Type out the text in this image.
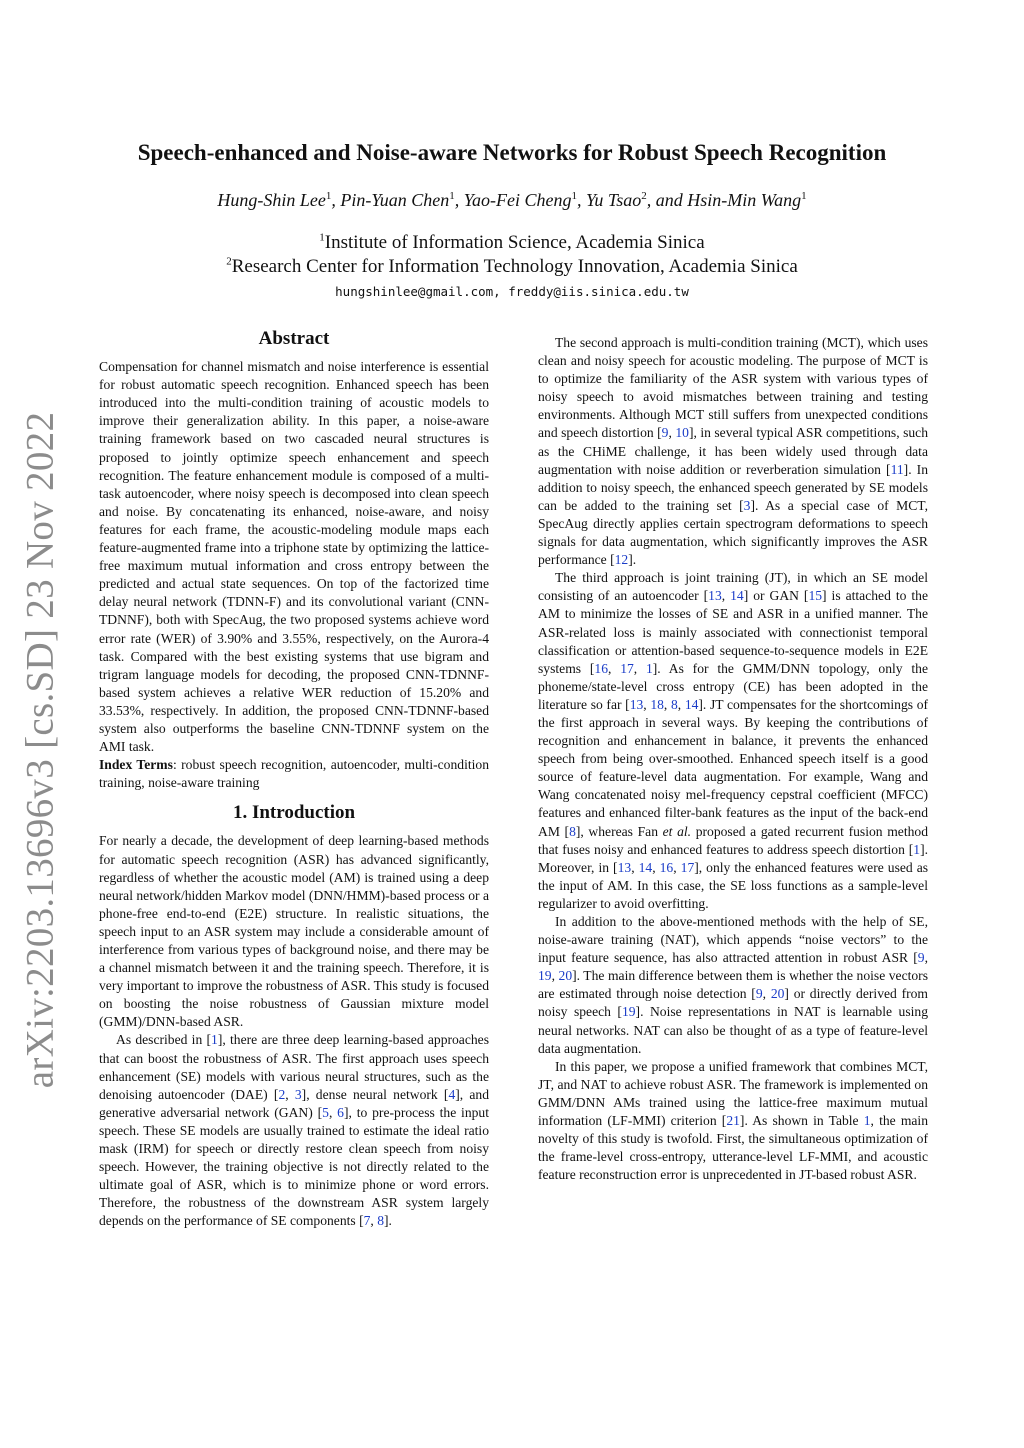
arXiv:2203.13696v3 [cs.SD] 23 Nov 2022
Speech-enhanced and Noise-aware Networks for Robust Speech Recognition
Hung-Shin Lee$^1$, Pin-Yuan Chen$^1$, Yao-Fei Cheng$^1$, Yu Tsao$^2$, and Hsin-Min Wang$^1$
$^1$Institute of Information Science, Academia Sinica
$^2$Research Center for Information Technology Innovation, Academia Sinica
hungshinlee@gmail.com, freddy@iis.sinica.edu.tw
Abstract

Compensation for channel mismatch and noise interference is essential for robust automatic speech recognition. Enhanced speech has been introduced into the multi-condition training of acoustic models to improve their generalization ability. In this paper, a noise-aware training framework based on two cascaded neural structures is proposed to jointly optimize speech enhancement and speech recognition. The feature enhancement module is composed of a multi-task autoencoder, where noisy speech is decomposed into clean speech and noise. By concatenating its enhanced, noise-aware, and noisy features for each frame, the acoustic-modeling module maps each feature-augmented frame into a triphone state by optimizing the lattice-free maximum mutual information and cross entropy between the predicted and actual state sequences. On top of the factorized time delay neural network (TDNN-F) and its convolutional variant (CNN-TDNNF), both with SpecAug, the two proposed systems achieve word error rate (WER) of 3.90% and 3.55%, respectively, on the Aurora-4 task. Compared with the best existing systems that use bigram and trigram language models for decoding, the proposed CNN-TDNNF-based system achieves a relative WER reduction of 15.20% and 33.53%, respectively. In addition, the proposed CNN-TDNNF-based system also outperforms the baseline CNN-TDNNF system on the AMI task.

Index Terms: robust speech recognition, autoencoder, multi-condition training, noise-aware training

1. Introduction

For nearly a decade, the development of deep learning-based methods for automatic speech recognition (ASR) has advanced significantly, regardless of whether the acoustic model (AM) is trained using a deep neural network/hidden Markov model (DNN/HMM)-based process or a phone-free end-to-end (E2E) structure. In realistic situations, the speech input to an ASR system may include a considerable amount of interference from various types of background noise, and there may be a channel mismatch between it and the training speech. Therefore, it is very important to improve the robustness of ASR. This study is focused on boosting the noise robustness of Gaussian mixture model (GMM)/DNN-based ASR.

As described in [1], there are three deep learning-based approaches that can boost the robustness of ASR. The first approach uses speech enhancement (SE) models with various neural structures, such as the denoising autoencoder (DAE) [2, 3], dense neural network [4], and generative adversarial network (GAN) [5, 6], to pre-process the input speech. These SE models are usually trained to estimate the ideal ratio mask (IRM) for speech or directly restore clean speech from noisy speech. However, the training objective is not directly related to the ultimate goal of ASR, which is to minimize phone or word errors. Therefore, the robustness of the downstream ASR system largely depends on the performance of SE components [7, 8].

The second approach is multi-condition training (MCT), which uses clean and noisy speech for acoustic modeling. The purpose of MCT is to optimize the familiarity of the ASR system with various types of noisy speech to avoid mismatches between training and testing environments. Although MCT still suffers from unexpected conditions and speech distortion [9, 10], in several typical ASR competitions, such as the CHiME challenge, it has been widely used through data augmentation with noise addition or reverberation simulation [11]. In addition to noisy speech, the enhanced speech generated by SE models can be added to the training set [3]. As a special case of MCT, SpecAug directly applies certain spectrogram deformations to speech signals for data augmentation, which significantly improves the ASR performance [12].

The third approach is joint training (JT), in which an SE model consisting of an autoencoder [13, 14] or GAN [15] is attached to the AM to minimize the losses of SE and ASR in a unified manner. The ASR-related loss is mainly associated with connectionist temporal classification or attention-based sequence-to-sequence models in E2E systems [16, 17, 1]. As for the GMM/DNN topology, only the phoneme/state-level cross entropy (CE) has been adopted in the literature so far [13, 18, 8, 14]. JT compensates for the shortcomings of the first approach in several ways. By keeping the contributions of recognition and enhancement in balance, it prevents the enhanced speech from being over-smoothed. Enhanced speech itself is a good source of feature-level data augmentation. For example, Wang and Wang concatenated noisy mel-frequency cepstral coefficient (MFCC) features and enhanced filter-bank features as the input of the back-end AM [8], whereas Fan et al. proposed a gated recurrent fusion method that fuses noisy and enhanced features to address speech distortion [1]. Moreover, in [13, 14, 16, 17], only the enhanced features were used as the input of AM. In this case, the SE loss functions as a sample-level regularizer to avoid overfitting.

In addition to the above-mentioned methods with the help of SE, noise-aware training (NAT), which appends “noise vectors” to the input feature sequence, has also attracted attention in robust ASR [9, 19, 20]. The main difference between them is whether the noise vectors are estimated through noise detection [9, 20] or directly derived from noisy speech [19]. Noise representations in NAT is learnable using neural networks. NAT can also be thought of as a type of feature-level data augmentation.

In this paper, we propose a unified framework that combines MCT, JT, and NAT to achieve robust ASR. The framework is implemented on GMM/DNN AMs trained using the lattice-free maximum mutual information (LF-MMI) criterion [21]. As shown in Table 1, the main novelty of this study is twofold. First, the simultaneous optimization of the frame-level cross-entropy, utterance-level LF-MMI, and acoustic feature reconstruction error is unprecedented in JT-based robust ASR.
